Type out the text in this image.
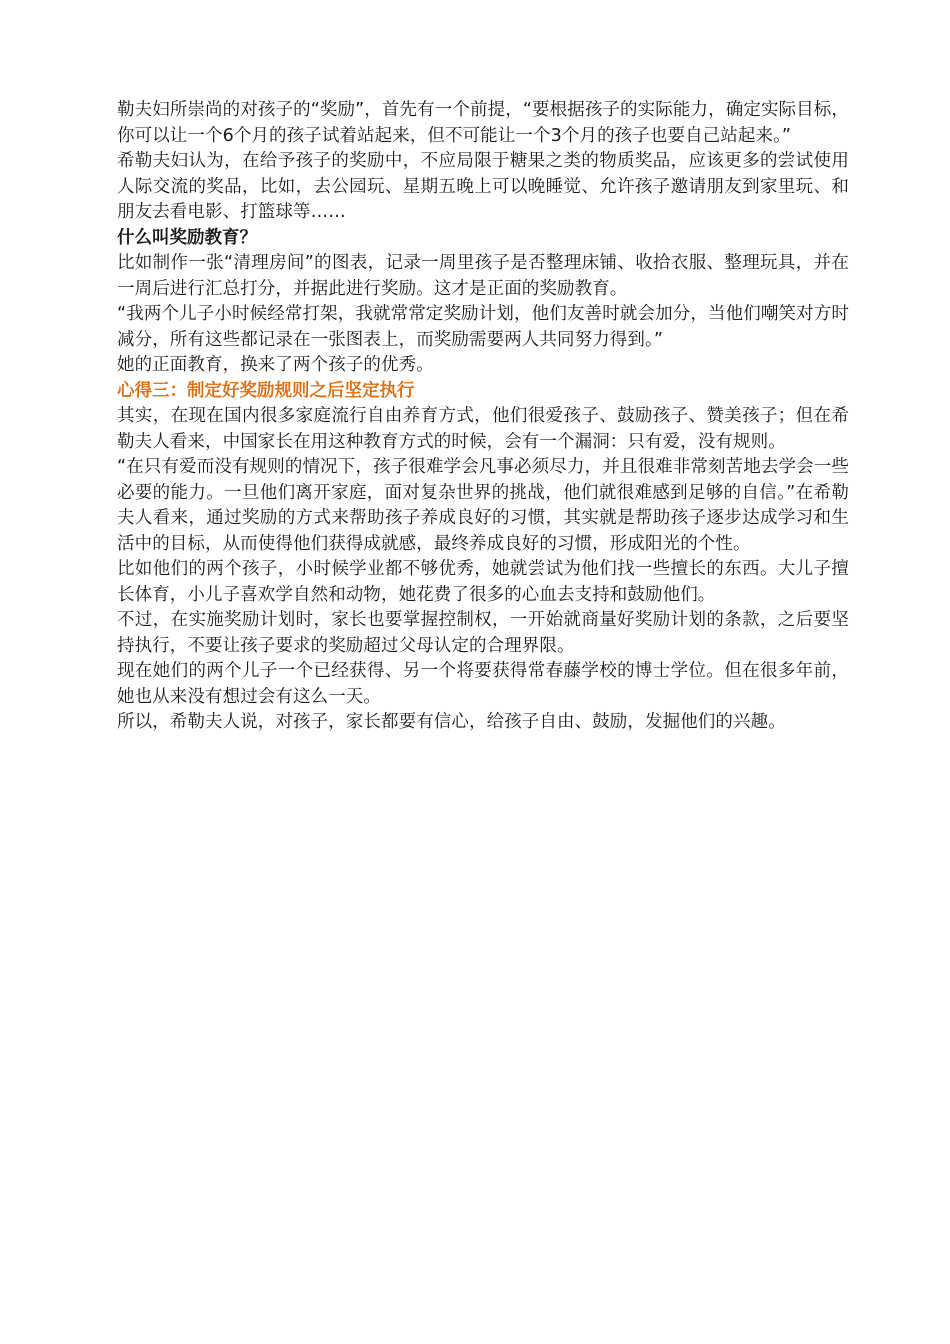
勒夫妇所崇尚的对孩子的“奖励”，首先有一个前提，“要根据孩子的实际能力，确定实际目标，你可以让一个6个月的孩子试着站起来，但不可能让一个3个月的孩子也要自己站起来。”

希勒夫妇认为，在给予孩子的奖励中，不应局限于糖果之类的物质奖品，应该更多的尝试使用人际交流的奖品，比如，去公园玩、星期五晚上可以晚睡觉、允许孩子邀请朋友到家里玩、和朋友去看电影、打篮球等……

什么叫奖励教育？

比如制作一张“清理房间”的图表，记录一周里孩子是否整理床铺、收拾衣服、整理玩具，并在一周后进行汇总打分，并据此进行奖励。这才是正面的奖励教育。

“我两个儿子小时候经常打架，我就常常定奖励计划，他们友善时就会加分，当他们嘲笑对方时减分，所有这些都记录在一张图表上，而奖励需要两人共同努力得到。”

她的正面教育，换来了两个孩子的优秀。

心得三：制定好奖励规则之后坚定执行

其实，在现在国内很多家庭流行自由养育方式，他们很爱孩子、鼓励孩子、赞美孩子；但在希勒夫人看来，中国家长在用这种教育方式的时候，会有一个漏洞：只有爱，没有规则。

“在只有爱而没有规则的情况下，孩子很难学会凡事必须尽力，并且很难非常刻苦地去学会一些必要的能力。一旦他们离开家庭，面对复杂世界的挑战，他们就很难感到足够的自信。”在希勒夫人看来，通过奖励的方式来帮助孩子养成良好的习惯，其实就是帮助孩子逐步达成学习和生活中的目标，从而使得他们获得成就感，最终养成良好的习惯，形成阳光的个性。

比如他们的两个孩子，小时候学业都不够优秀，她就尝试为他们找一些擅长的东西。大儿子擅长体育，小儿子喜欢学自然和动物，她花费了很多的心血去支持和鼓励他们。

不过，在实施奖励计划时，家长也要掌握控制权，一开始就商量好奖励计划的条款，之后要坚持执行，不要让孩子要求的奖励超过父母认定的合理界限。

现在她们的两个儿子一个已经获得、另一个将要获得常春藤学校的博士学位。但在很多年前，她也从来没有想过会有这么一天。

所以，希勒夫人说，对孩子，家长都要有信心，给孩子自由、鼓励，发掘他们的兴趣。
